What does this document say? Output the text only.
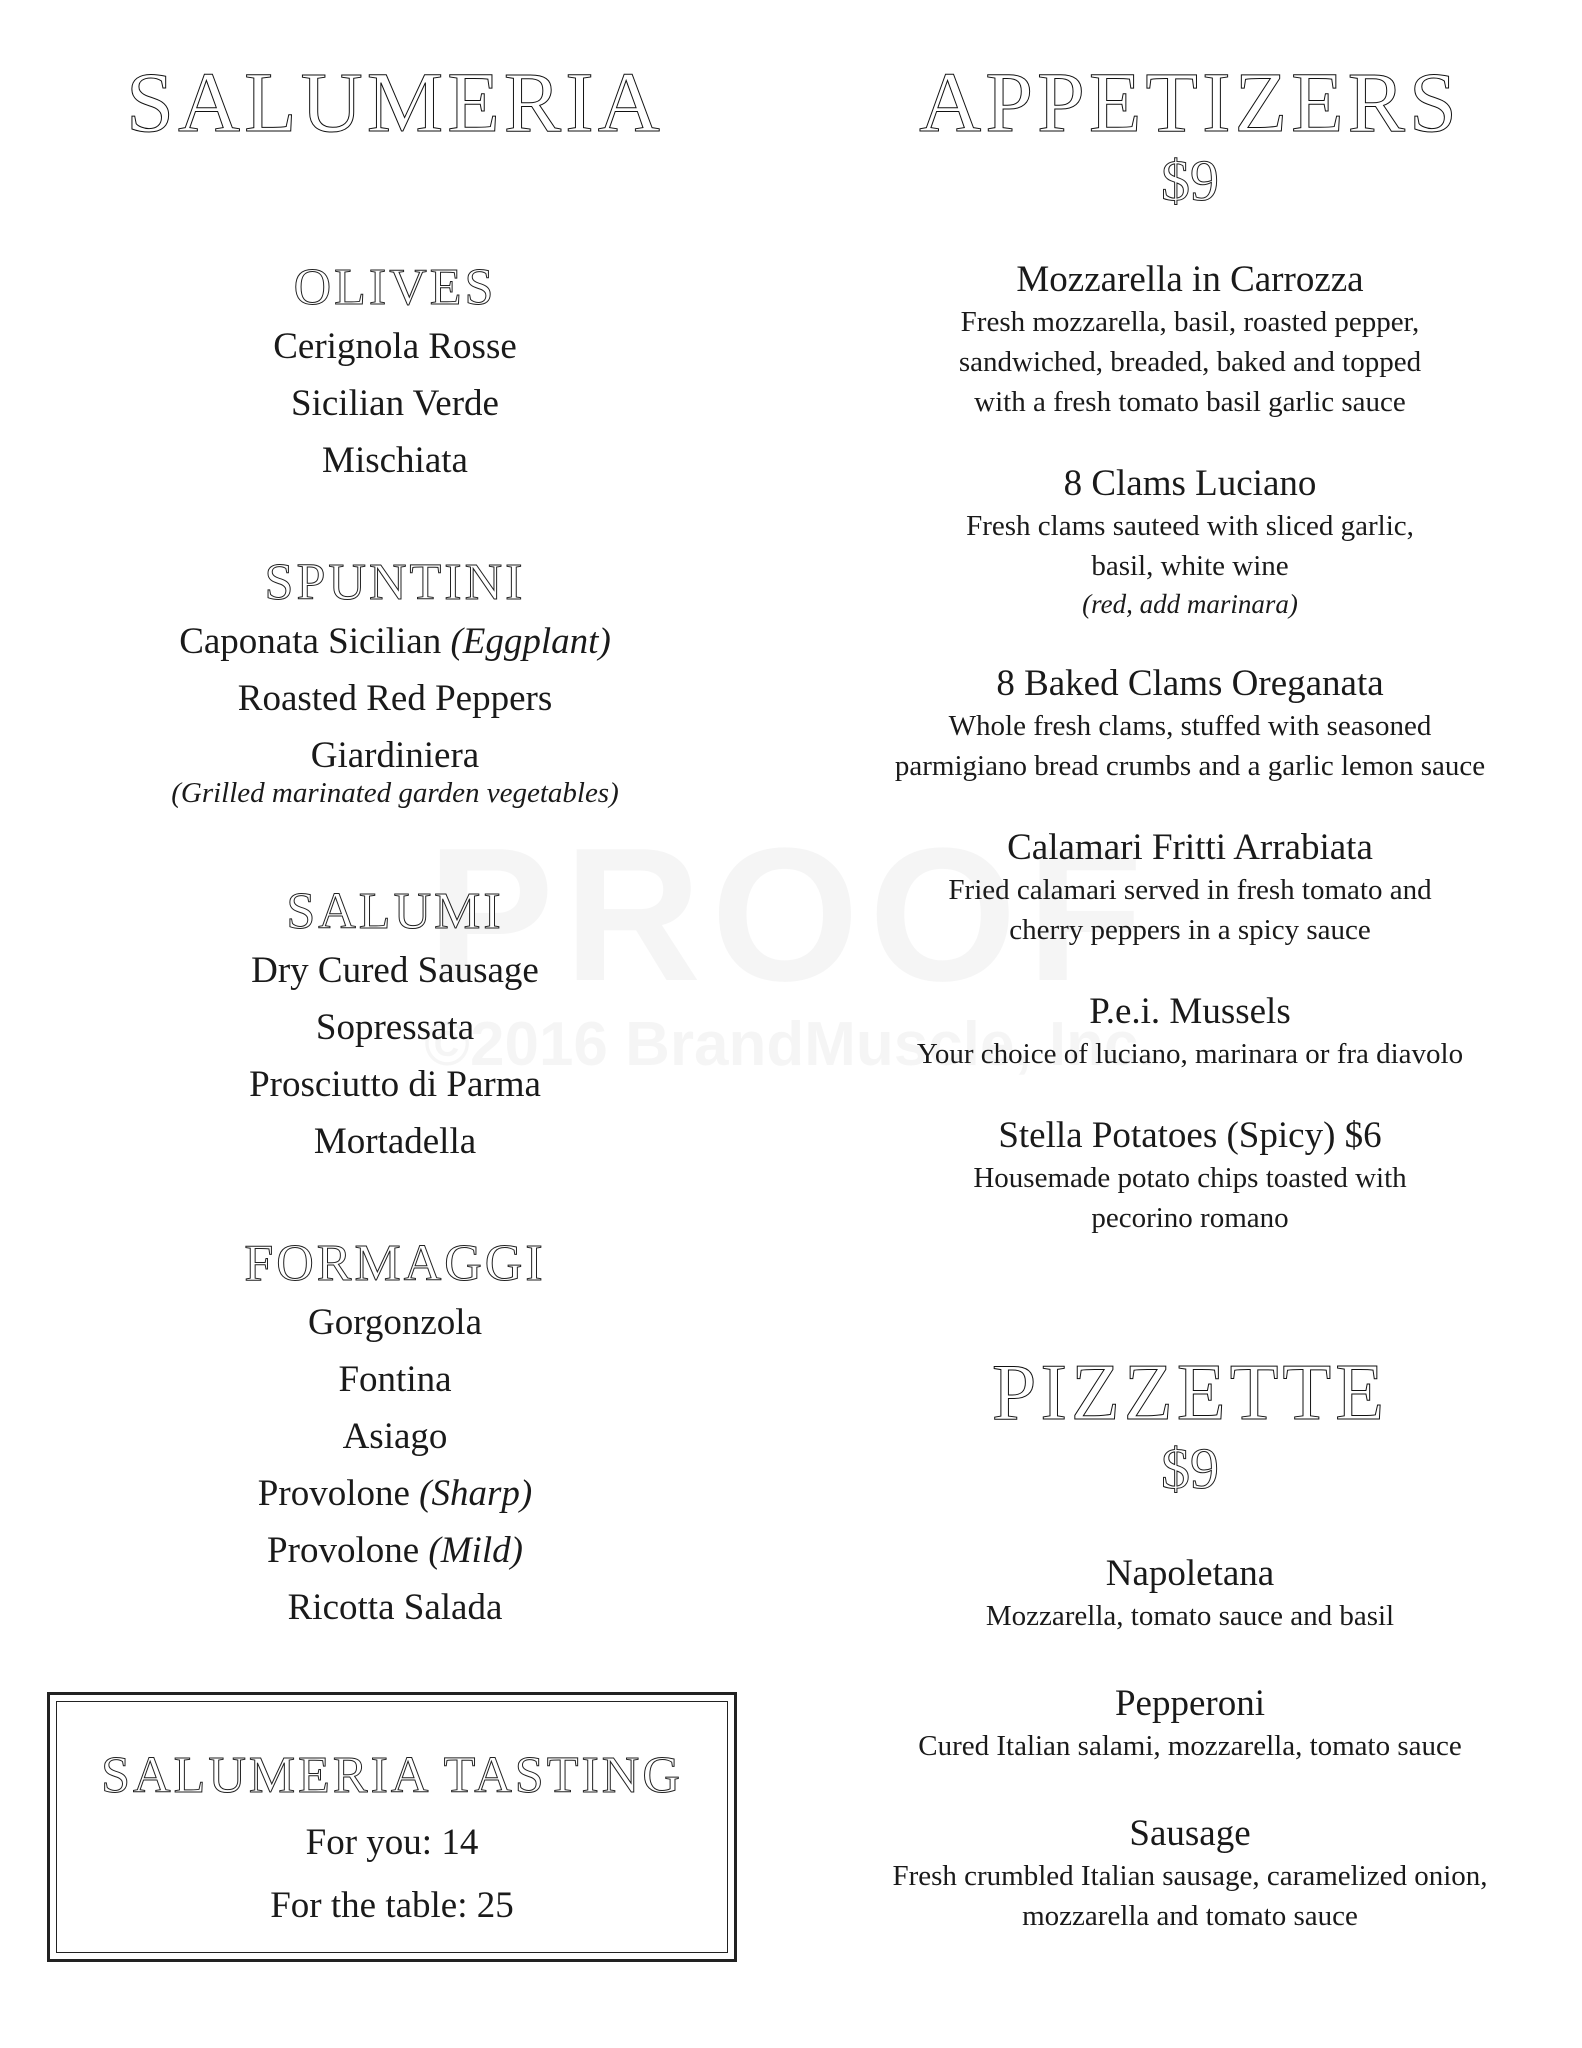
SALUMERIA
OLIVES
Cerignola Rosse
Sicilian Verde
Mischiata
SPUNTINI
Caponata Sicilian (Eggplant)
Roasted Red Peppers
Giardiniera
(Grilled marinated garden vegetables)
SALUMI
Dry Cured Sausage
Sopressata
Prosciutto di Parma
Mortadella
FORMAGGI
Gorgonzola
Fontina
Asiago
Provolone (Sharp)
Provolone (Mild)
Ricotta Salada
SALUMERIA TASTING
For you: 14
For the table: 25
APPETIZERS
$9
Mozzarella in Carrozza
Fresh mozzarella, basil, roasted pepper,
sandwiched, breaded, baked and topped
with a fresh tomato basil garlic sauce
8 Clams Luciano
Fresh clams sauteed with sliced garlic,
basil, white wine
(red, add marinara)
8 Baked Clams Oreganata
Whole fresh clams, stuffed with seasoned
parmigiano bread crumbs and a garlic lemon sauce
Calamari Fritti Arrabiata
Fried calamari served in fresh tomato and
cherry peppers in a spicy sauce
P.e.i. Mussels
Your choice of luciano, marinara or fra diavolo
Stella Potatoes (Spicy) $6
Housemade potato chips toasted with
pecorino romano
PIZZETTE
$9
Napoletana
Mozzarella, tomato sauce and basil
Pepperoni
Cured Italian salami, mozzarella, tomato sauce
Sausage
Fresh crumbled Italian sausage, caramelized onion,
mozzarella and tomato sauce
